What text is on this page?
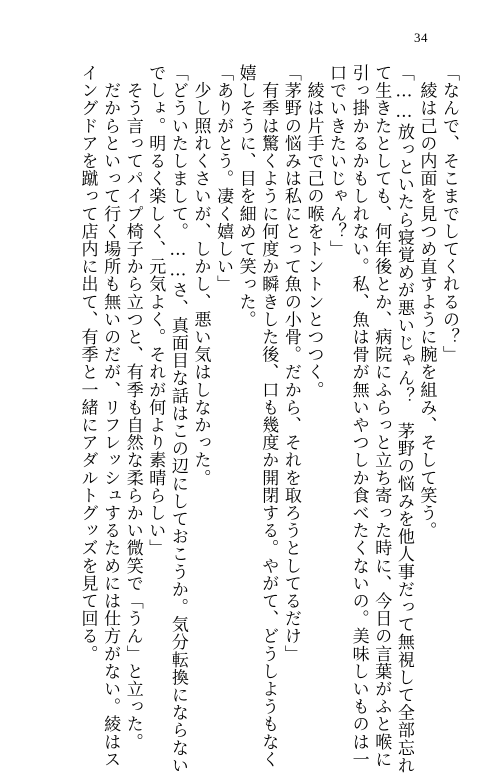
34
「なんで、そこまでしてくれるの？」
　綾は己の内面を見つめ直すように腕を組み、そして笑う。
「……放っといたら寝覚めが悪いじゃん？　茅野の悩みを他人事だって無視して全部忘れ
て生きたとしても、何年後とか、病院にふらっと立ち寄った時に、今日の言葉がふと喉に
引っ掛かるかもしれない。私、魚は骨が無いやつしか食べたくないの。美味しいものは一
口でいきたいじゃん？」
　綾は片手で己の喉をトントンとつつく。
「茅野の悩みは私にとって魚の小骨。だから、それを取ろうとしてるだけ」
　有季は驚くように何度か瞬きした後、口も幾度か開閉する。やがて、どうしようもなく
嬉しそうに、目を細めて笑った。
「ありがとう。凄く嬉しい」
　少し照れくさいが、しかし、悪い気はしなかった。
「どういたしまして。……さ、真面目な話はこの辺にしておこうか。気分転換にならない
でしょ。明るく楽しく、元気よく。それが何より素晴らしい」
　そう言ってパイプ椅子から立つと、有季も自然な柔らかい微笑で「うん」と立った。
　だからといって行く場所も無いのだが、リフレッシュするためには仕方がない。綾はス
イングドアを蹴って店内に出て、有季と一緒にアダルトグッズを見て回る。
